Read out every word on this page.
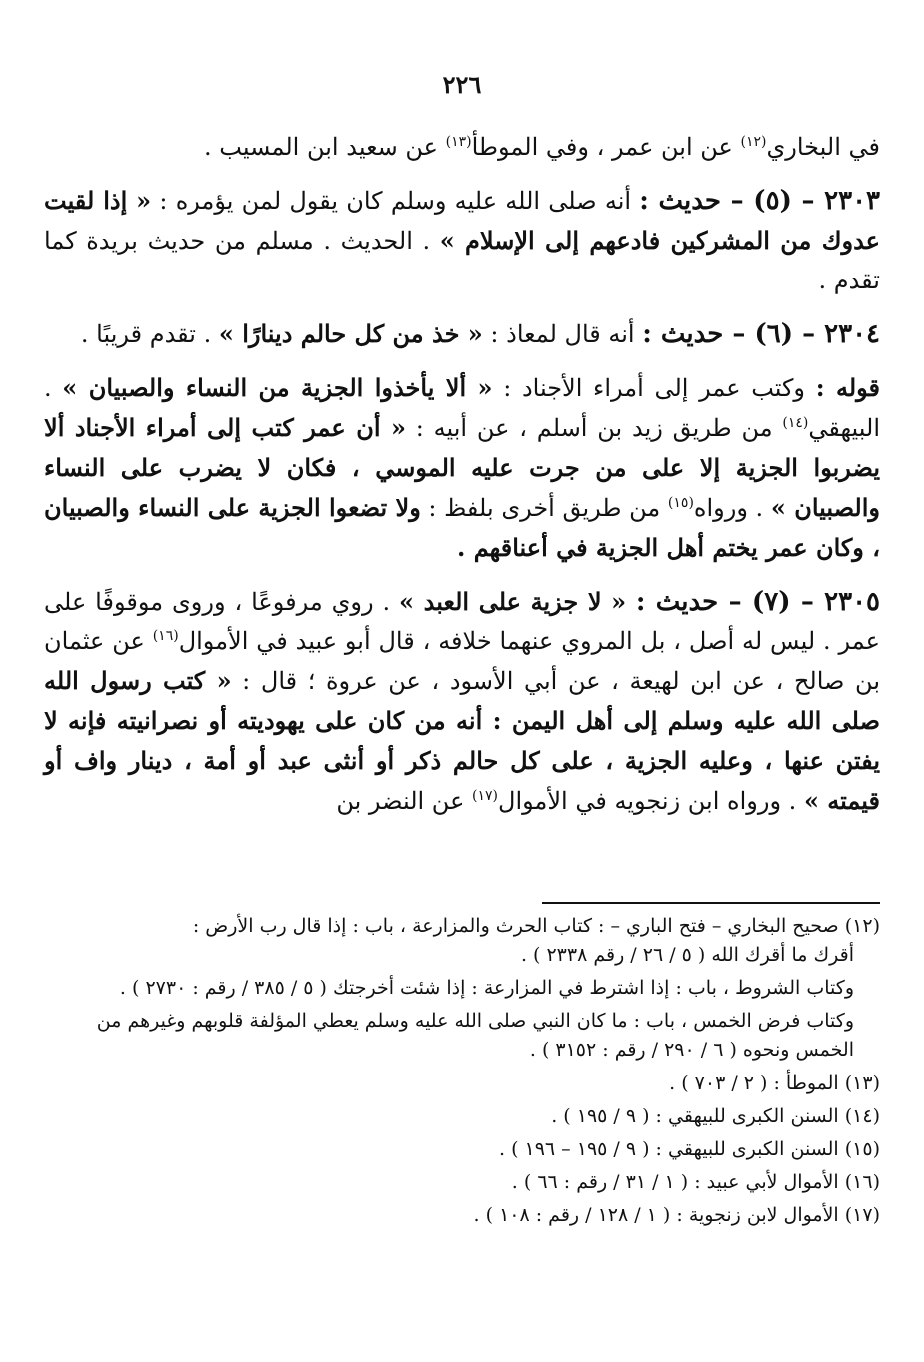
٢٢٦

في البخاري$^{(١٢)}$ عن ابن عمر ، وفي الموطأ$^{(١٣)}$ عن سعيد ابن المسيب .

٢٣٠٣ – (٥) – حديث : أنه صلى الله عليه وسلم كان يقول لمن يؤمره : « إذا لقيت عدوك من المشركين فادعهم إلى الإسلام » . الحديث . مسلم من حديث بريدة كما تقدم .

٢٣٠٤ – (٦) – حديث : أنه قال لمعاذ : « خذ من كل حالم دينارًا » . تقدم قريبًا .

قوله : وكتب عمر إلى أمراء الأجناد : « ألا يأخذوا الجزية من النساء والصبيان » . البيهقي$^{(١٤)}$ من طريق زيد بن أسلم ، عن أبيه : « أن عمر كتب إلى أمراء الأجناد ألا يضربوا الجزية إلا على من جرت عليه الموسي ، فكان لا يضرب على النساء والصبيان » . ورواه$^{(١٥)}$ من طريق أخرى بلفظ : ولا تضعوا الجزية على النساء والصبيان ، وكان عمر يختم أهل الجزية في أعناقهم .

٢٣٠٥ – (٧) – حديث : « لا جزية على العبد » . روي مرفوعًا ، وروى موقوفًا على عمر . ليس له أصل ، بل المروي عنهما خلافه ، قال أبو عبيد في الأموال$^{(١٦)}$ عن عثمان بن صالح ، عن ابن لهيعة ، عن أبي الأسود ، عن عروة ؛ قال : « كتب رسول الله صلى الله عليه وسلم إلى أهل اليمن : أنه من كان على يهوديته أو نصرانيته فإنه لا يفتن عنها ، وعليه الجزية ، على كل حالم ذكر أو أنثى عبد أو أمة ، دينار واف أو قيمته » . ورواه ابن زنجويه في الأموال$^{(١٧)}$ عن النضر بن

(١٢) صحيح البخاري – فتح الباري – : كتاب الحرث والمزارعة ، باب : إذا قال رب الأرض :
أقرك ما أقرك الله ( ٥ / ٢٦ / رقم ٢٣٣٨ ) .

وكتاب الشروط ، باب : إذا اشترط في المزارعة : إذا شئت أخرجتك ( ٥ / ٣٨٥ / رقم : ٢٧٣٠ ) .

وكتاب فرض الخمس ، باب : ما كان النبي صلى الله عليه وسلم يعطي المؤلفة قلوبهم وغيرهم من الخمس ونحوه ( ٦ / ٢٩٠ / رقم : ٣١٥٢ ) .

(١٣) الموطأ : ( ٢ / ٧٠٣ ) .

(١٤) السنن الكبرى للبيهقي : ( ٩ / ١٩٥ ) .

(١٥) السنن الكبرى للبيهقي : ( ٩ / ١٩٥ – ١٩٦ ) .

(١٦) الأموال لأبي عبيد : ( ١ / ٣١ / رقم : ٦٦ ) .

(١٧) الأموال لابن زنجوية : ( ١ / ١٢٨ / رقم : ١٠٨ ) .
